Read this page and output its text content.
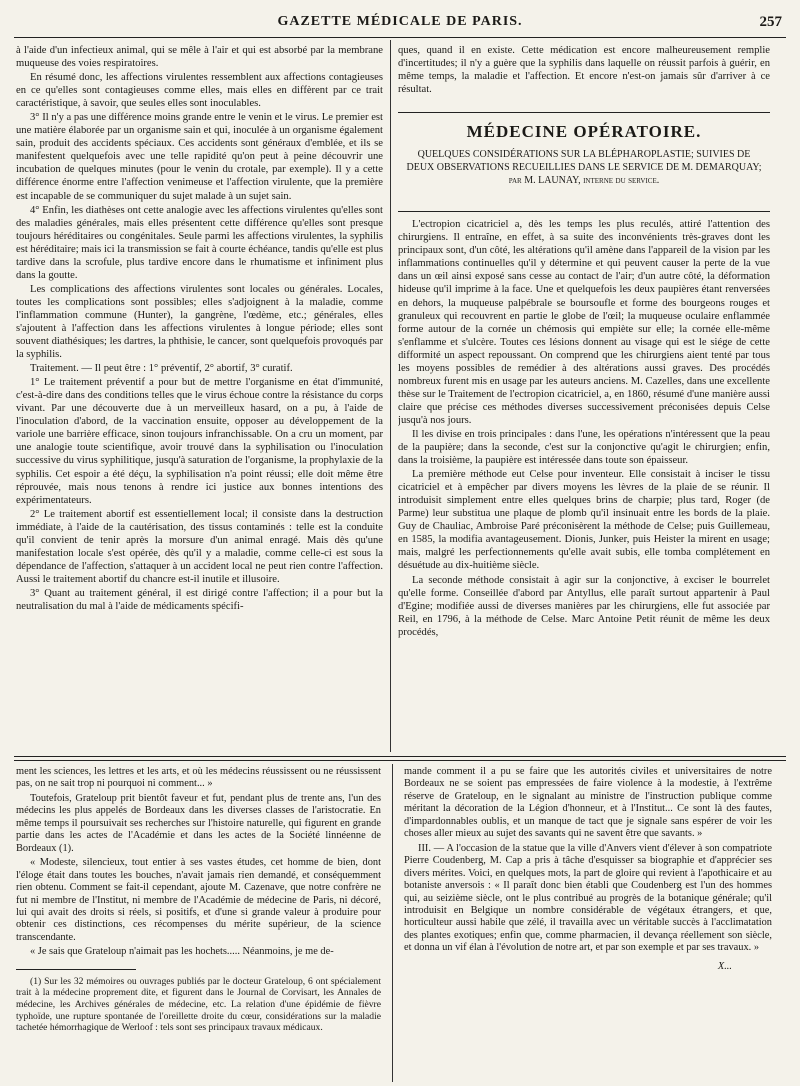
GAZETTE MÉDICALE DE PARIS.	257

à l'aide d'un infectieux animal, qui se mêle à l'air et qui est absorbé par la membrane muqueuse des voies respiratoires.

En résumé donc, les affections virulentes ressemblent aux affections contagieuses en ce qu'elles sont contagieuses comme elles, mais elles en diffèrent par ce trait caractéristique, à savoir, que seules elles sont inoculables.

3° Il n'y a pas une différence moins grande entre le venin et le virus. Le premier est une matière élaborée par un organisme sain et qui, inoculée à un organisme également sain, produit des accidents spéciaux. Ces accidents sont généraux d'emblée, et ils se manifestent quelquefois avec une telle rapidité qu'on peut à peine découvrir une incubation de quelques minutes (pour le venin du crotale, par exemple). Il y a cette différence énorme entre l'affection venimeuse et l'affection virulente, que la première est incapable de se communiquer du sujet malade à un sujet sain.

4° Enfin, les diathèses ont cette analogie avec les affections virulentes qu'elles sont des maladies générales, mais elles présentent cette différence qu'elles sont presque toujours héréditaires ou congénitales. Seule parmi les affections virulentes, la syphilis est héréditaire; mais ici la transmission se fait à courte échéance, tandis qu'elle est plus tardive dans la scrofule, plus tardive encore dans le rhumatisme et infiniment plus dans la goutte.

Les complications des affections virulentes sont locales ou générales. Locales, toutes les complications sont possibles; elles s'adjoignent à la maladie, comme l'inflammation commune (Hunter), la gangrène, l'œdème, etc.; générales, elles s'ajoutent à l'affection dans les affections virulentes à longue période; elles sont souvent diathésiques; les dartres, la phthisie, le cancer, sont quelquefois provoqués par la syphilis.

Traitement. — Il peut être : 1° préventif, 2° abortif, 3° curatif.

1° Le traitement préventif a pour but de mettre l'organisme en état d'immunité, c'est-à-dire dans des conditions telles que le virus échoue contre la résistance du corps vivant. Par une découverte due à un merveilleux hasard, on a pu, à l'aide de l'inoculation d'abord, de la vaccination ensuite, opposer au développement de la variole une barrière efficace, sinon toujours infranchissable. On a cru un moment, par une analogie toute scientifique, avoir trouvé dans la syphilisation ou l'inoculation successive du virus syphilitique, jusqu'à saturation de l'organisme, la prophylaxie de la syphilis. Cet espoir a été déçu, la syphilisation n'a point réussi; elle doit même être réprouvée, mais nous tenons à rendre ici justice aux bonnes intentions des expérimentateurs.

2° Le traitement abortif est essentiellement local; il consiste dans la destruction immédiate, à l'aide de la cautérisation, des tissus contaminés : telle est la conduite qu'il convient de tenir après la morsure d'un animal enragé. Mais dès qu'une manifestation locale s'est opérée, dès qu'il y a maladie, comme celle-ci est sous la dépendance de l'affection, s'attaquer à un accident local ne peut rien contre l'affection. Aussi le traitement abortif du chancre est-il inutile et illusoire.

3° Quant au traitement général, il est dirigé contre l'affection; il a pour but la neutralisation du mal à l'aide de médicaments spécifi-

ques, quand il en existe. Cette médication est encore malheureusement remplie d'incertitudes; il n'y a guère que la syphilis dans laquelle on réussit parfois à guérir, en même temps, la maladie et l'affection. Et encore n'est-on jamais sûr d'arriver à ce résultat.

MÉDECINE OPÉRATOIRE.
QUELQUES CONSIDÉRATIONS SUR LA BLÉPHAROPLASTIE; SUIVIES DE DEUX OBSERVATIONS RECUEILLIES DANS LE SERVICE DE M. DEMARQUAY; par M. LAUNAY, interne du service.

L'ectropion cicatriciel a, dès les temps les plus reculés, attiré l'attention des chirurgiens. Il entraîne, en effet, à sa suite des inconvénients très-graves dont les principaux sont, d'un côté, les altérations qu'il amène dans l'appareil de la vision par les inflammations continuelles qu'il y détermine et qui peuvent causer la perte de la vue dans un œil ainsi exposé sans cesse au contact de l'air; d'un autre côté, la déformation hideuse qu'il imprime à la face. Une et quelquefois les deux paupières étant renversées en dehors, la muqueuse palpébrale se boursoufle et forme des bourgeons rouges et granuleux qui recouvrent en partie le globe de l'œil; la muqueuse oculaire enflammée forme autour de la cornée un chémosis qui empiète sur elle; la cornée elle-même s'enflamme et s'ulcère. Toutes ces lésions donnent au visage qui est le siége de cette difformité un aspect repoussant. On comprend que les chirurgiens aient tenté par tous les moyens possibles de remédier à des altérations aussi graves. Des procédés nombreux furent mis en usage par les auteurs anciens. M. Cazelles, dans une excellente thèse sur le Traitement de l'ectropion cicatriciel, a, en 1860, résumé d'une manière aussi claire que précise ces méthodes diverses successivement préconisées depuis Celse jusqu'à nos jours.

Il les divise en trois principales : dans l'une, les opérations n'intéressent que la peau de la paupière; dans la seconde, c'est sur la conjonctive qu'agit le chirurgien; enfin, dans la troisième, la paupière est intéressée dans toute son épaisseur.

La première méthode eut Celse pour inventeur. Elle consistait à inciser le tissu cicatriciel et à empêcher par divers moyens les lèvres de la plaie de se réunir. Il introduisit simplement entre elles quelques brins de charpie; plus tard, Roger (de Parme) leur substitua une plaque de plomb qu'il insinuait entre les bords de la plaie. Guy de Chauliac, Ambroise Paré préconisèrent la méthode de Celse; puis Guillemeau, en 1585, la modifia avantageusement. Dionis, Junker, puis Heister la mirent en usage; mais, malgré les perfectionnements qu'elle avait subis, elle tomba complétement en désuétude au dix-huitième siècle.

La seconde méthode consistait à agir sur la conjonctive, à exciser le bourrelet qu'elle forme. Conseillée d'abord par Antyllus, elle paraît surtout appartenir à Paul d'Egine; modifiée aussi de diverses manières par les chirurgiens, elle fut associée par Reil, en 1796, à la méthode de Celse. Marc Antoine Petit réunit de même les deux procédés,

ment les sciences, les lettres et les arts, et où les médecins réussissent ou ne réussissent pas, on ne sait trop ni pourquoi ni comment... »

Toutefois, Grateloup prit bientôt faveur et fut, pendant plus de trente ans, l'un des médecins les plus appelés de Bordeaux dans les diverses classes de l'aristocratie. En même temps il poursuivait ses recherches sur l'histoire naturelle, qui figurent en grande partie dans les actes de l'Académie et dans les actes de la Société linnéenne de Bordeaux (1).

« Modeste, silencieux, tout entier à ses vastes études, cet homme de bien, dont l'éloge était dans toutes les bouches, n'avait jamais rien demandé, et conséquemment rien obtenu. Comment se fait-il cependant, ajoute M. Cazenave, que notre confrère ne fut ni membre de l'Institut, ni membre de l'Académie de médecine de Paris, ni décoré, lui qui avait des droits si réels, si positifs, et d'une si grande valeur à produire pour obtenir ces distinctions, ces récompenses du mérite supérieur, de la science transcendante.

« Je sais que Grateloup n'aimait pas les hochets..... Néanmoins, je me de-

(1) Sur les 32 mémoires ou ouvrages publiés par le docteur Grateloup, 6 ont spécialement trait à la médecine proprement dite, et figurent dans le Journal de Corvisart, les Annales de médecine, les Archives générales de médecine, etc. La relation d'une épidémie de fièvre typhoïde, une rupture spontanée de l'oreillette droite du cœur, considérations sur la maladie tachetée hémorrhagique de Werloof : tels sont ses principaux travaux médicaux.

mande comment il a pu se faire que les autorités civiles et universitaires de notre Bordeaux ne se soient pas empressées de faire violence à la modestie, à l'extrême réserve de Grateloup, en le signalant au ministre de l'instruction publique comme méritant la décoration de la Légion d'honneur, et à l'Institut... Ce sont là des fautes, d'impardonnables oublis, et un manque de tact que je signale sans espérer de voir les choses aller mieux au sujet des savants qui ne savent être que savants. »

III. — A l'occasion de la statue que la ville d'Anvers vient d'élever à son compatriote Pierre Coudenberg, M. Cap a pris à tâche d'esquisser sa biographie et d'apprécier ses divers mérites. Voici, en quelques mots, la part de gloire qui revient à l'apothicaire et au botaniste anversois : « Il paraît donc bien établi que Coudenberg est l'un des hommes qui, au seizième siècle, ont le plus contribué au progrès de la botanique générale; qu'il introduisit en Belgique un nombre considérable de végétaux étrangers, et que, horticulteur aussi habile que zélé, il travailla avec un véritable succès à l'acclimatation des plantes exotiques; enfin que, comme pharmacien, il devança réellement son siècle, et donna un vif élan à l'évolution de notre art, et par son exemple et par ses travaux. »

X...
